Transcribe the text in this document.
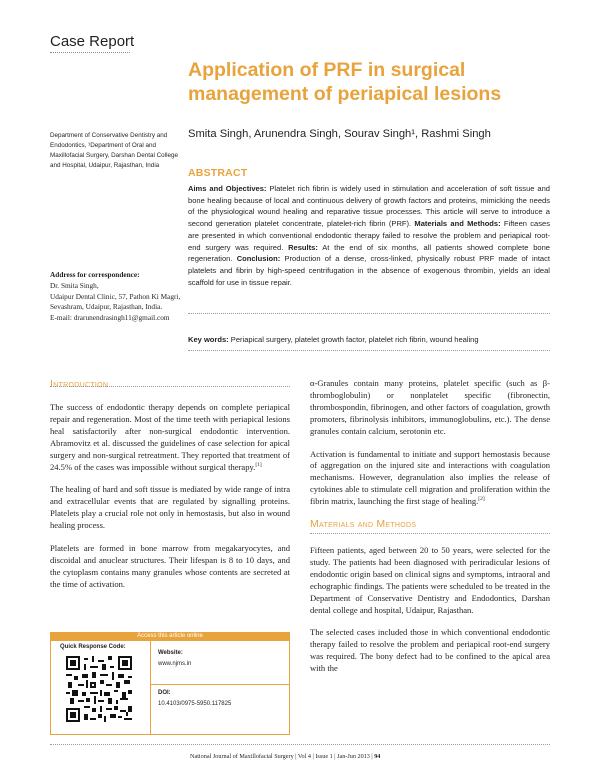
Case Report
Application of PRF in surgical management of periapical lesions
Smita Singh, Arunendra Singh, Sourav Singh¹, Rashmi Singh
Department of Conservative Dentistry and Endodontics, ¹Department of Oral and Maxillofacial Surgery, Darshan Dental College and Hospital, Udaipur, Rajasthan, India
Address for correspondence:
Dr. Smita Singh,
Udaipur Dental Clinic, 57, Pathon Ki Magri, Sevashram, Udaipur, Rajasthan, India.
E-mail: drarunendrasingh11@gmail.com
ABSTRACT
Aims and Objectives: Platelet rich fibrin is widely used in stimulation and acceleration of soft tissue and bone healing because of local and continuous delivery of growth factors and proteins, mimicking the needs of the physiological wound healing and reparative tissue processes. This article will serve to introduce a second generation platelet concentrate, platelet-rich fibrin (PRF). Materials and Methods: Fifteen cases are presented in which conventional endodontic therapy failed to resolve the problem and periapical root-end surgery was required. Results: At the end of six months, all patients showed complete bone regeneration. Conclusion: Production of a dense, cross-linked, physically robust PRF made of intact platelets and fibrin by high-speed centrifugation in the absence of exogenous thrombin, yields an ideal scaffold for use in tissue repair.
Key words: Periapical surgery, platelet growth factor, platelet rich fibrin, wound healing
Introduction

The success of endodontic therapy depends on complete periapical repair and regeneration. Most of the time teeth with periapical lesions heal satisfactorily after non-surgical endodontic intervention. Abramovitz et al. discussed the guidelines of case selection for apical surgery and non-surgical retreatment. They reported that treatment of 24.5% of the cases was impossible without surgical therapy.[1]

The healing of hard and soft tissue is mediated by wide range of intra and extracellular events that are regulated by signalling proteins. Platelets play a crucial role not only in hemostasis, but also in wound healing process.

Platelets are formed in bone marrow from megakaryocytes, and discoidal and anuclear structures. Their lifespan is 8 to 10 days, and the cytoplasm contains many granules whose contents are secreted at the time of activation.

Access this article online
Quick Response Code:
Website:
www.njms.in
DOI:
10.4103/0975-5950.117825

α-Granules contain many proteins, platelet specific (such as β-thromboglobulin) or nonplatelet specific (fibronectin, thrombospondin, fibrinogen, and other factors of coagulation, growth promoters, fibrinolysis inhibitors, immunoglobulins, etc.). The dense granules contain calcium, serotonin etc.

Activation is fundamental to initiate and support hemostasis because of aggregation on the injured site and interactions with coagulation mechanisms. However, degranulation also implies the release of cytokines able to stimulate cell migration and proliferation within the fibrin matrix, launching the first stage of healing.[2]

Materials and Methods

Fifteen patients, aged between 20 to 50 years, were selected for the study. The patients had been diagnosed with periradicular lesions of endodontic origin based on clinical signs and symptoms, intraoral and echographic findings. The patients were scheduled to be treated in the Department of Conservative Dentistry and Endodontics, Darshan dental college and hospital, Udaipur, Rajasthan.

The selected cases included those in which conventional endodontic therapy failed to resolve the problem and periapical root-end surgery was required. The bony defect had to be confined to the apical area with the

National Journal of Maxillofacial Surgery | Vol 4 | Issue 1 | Jan-Jun 2013 | 94
